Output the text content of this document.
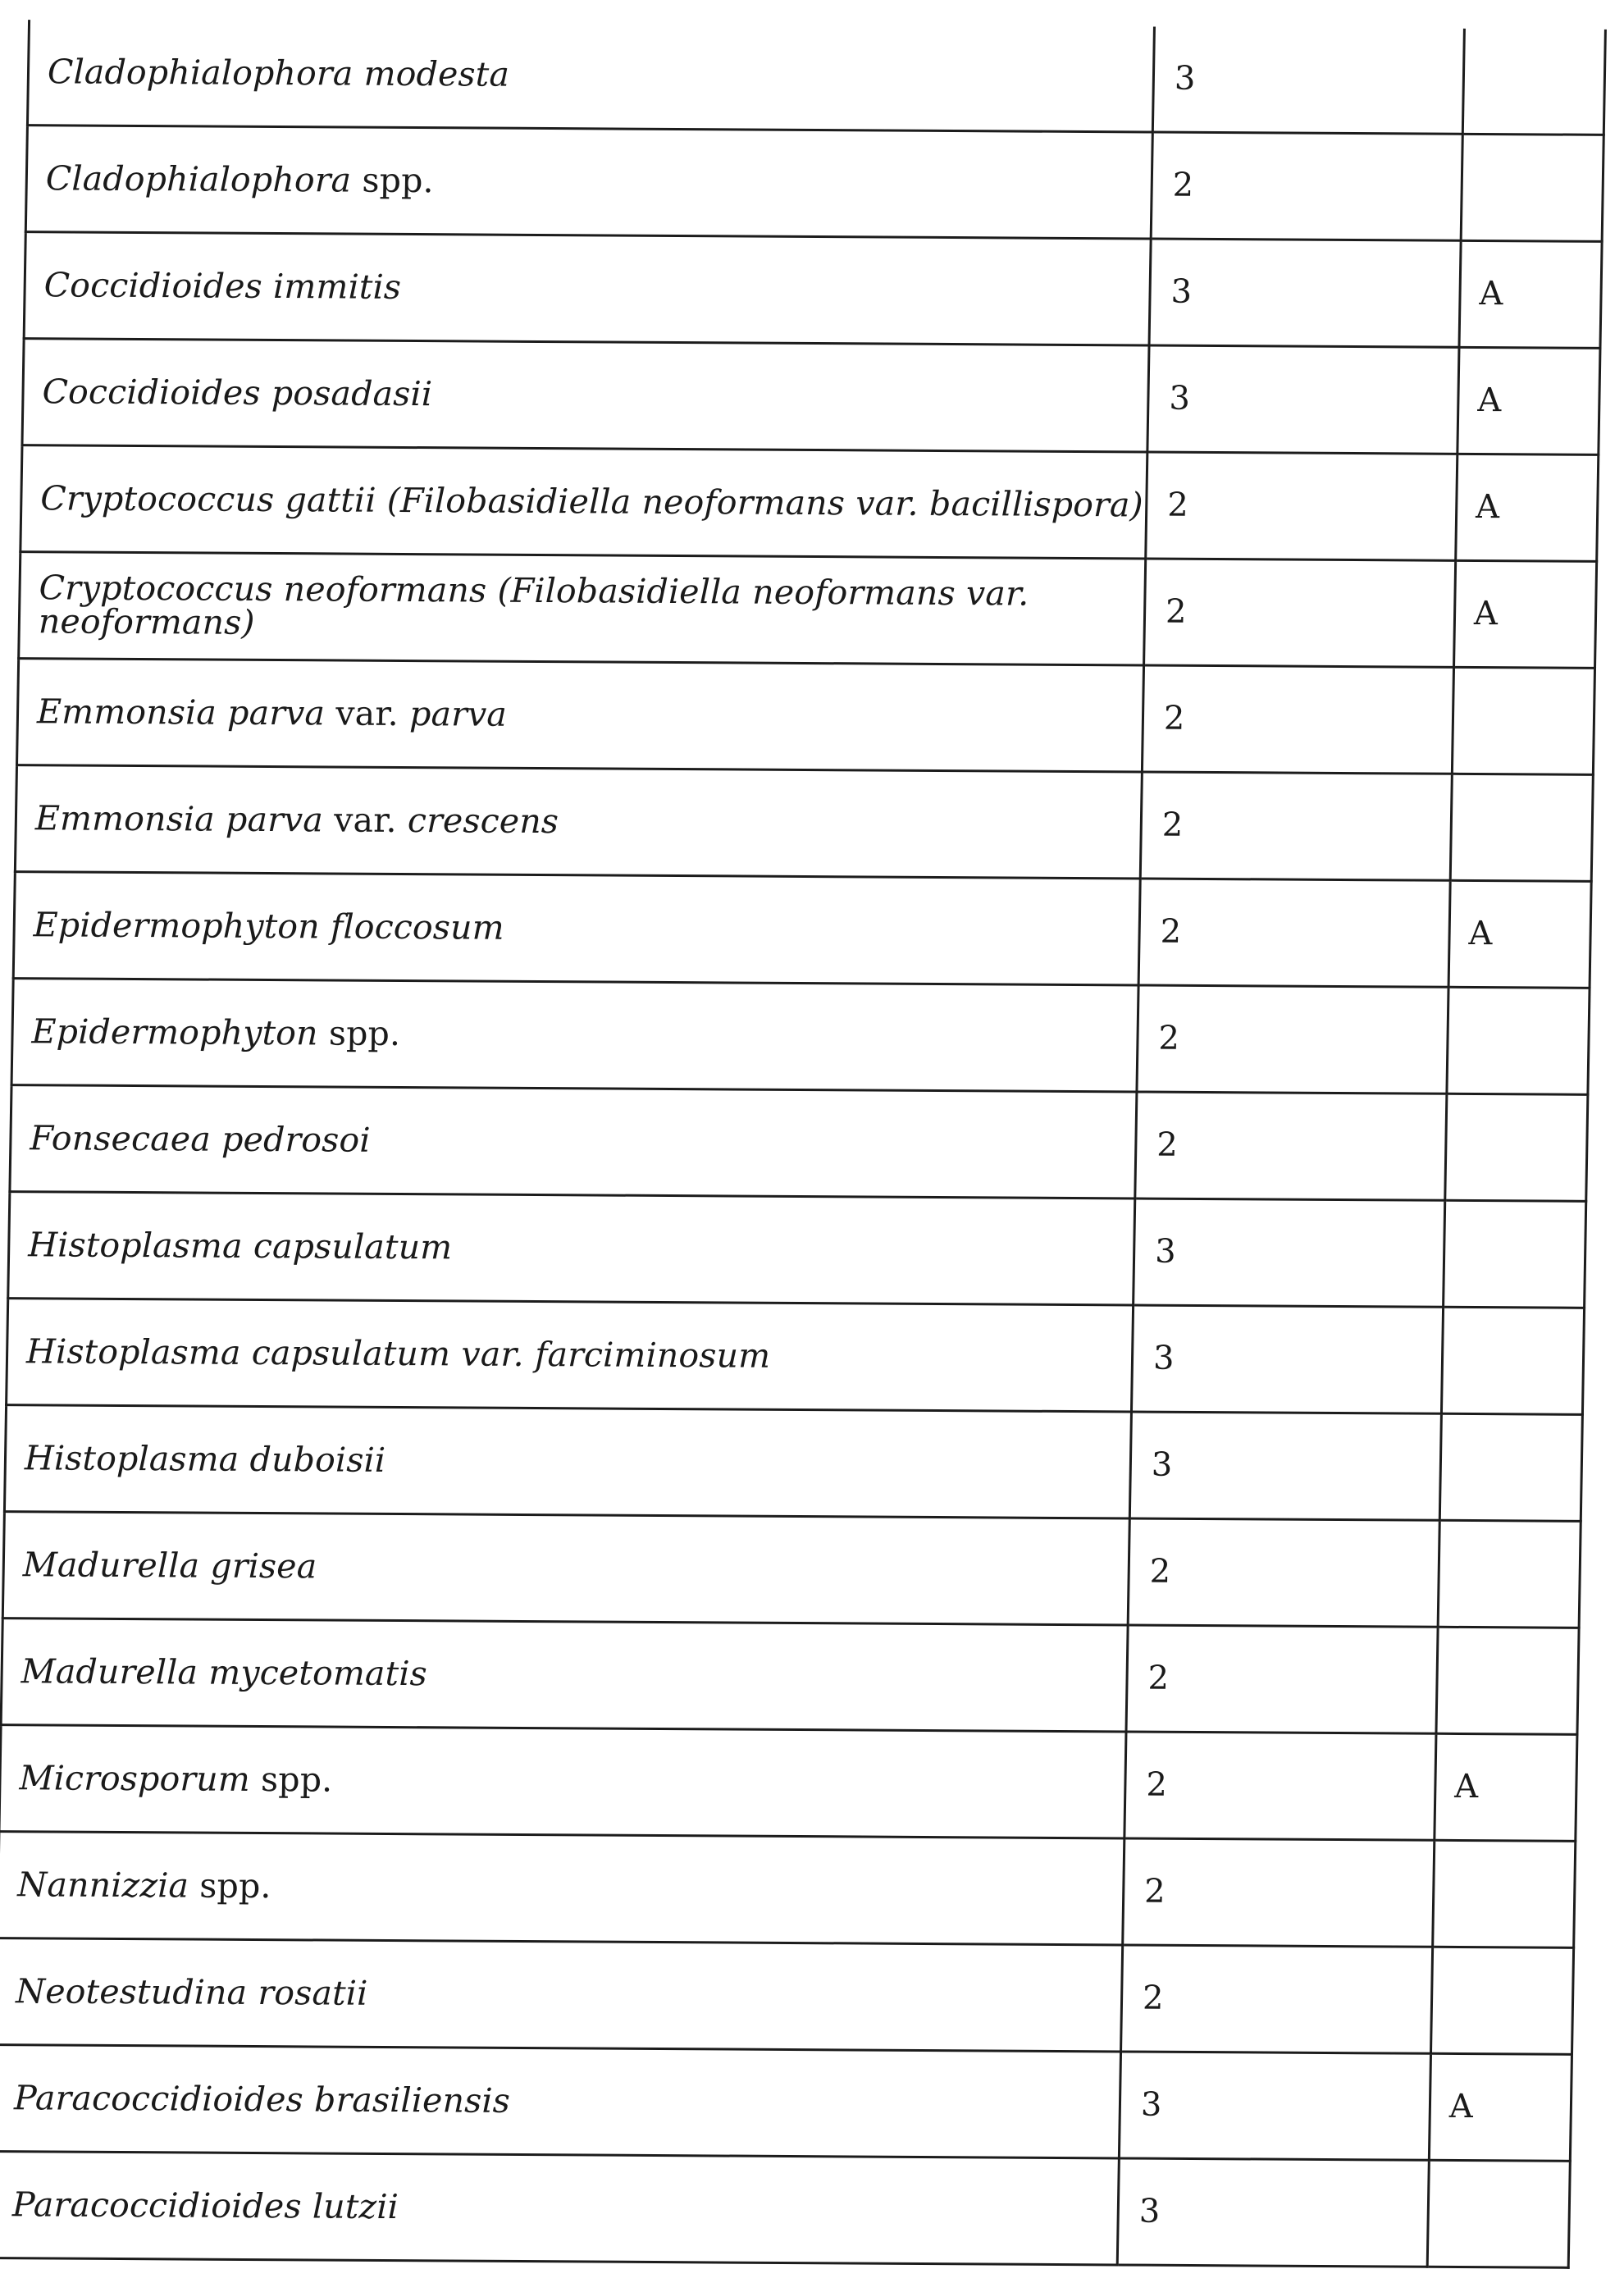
Cladophialophora modesta	3	
Cladophialophora spp.	2	
Coccidioides immitis	3	A
Coccidioides posadasii	3	A
Cryptococcus gattii (Filobasidiella neoformans var. bacillispora)	2	A
Cryptococcus neoformans (Filobasidiella neoformans var. neoformans)	2	A
Emmonsia parva var. parva	2	
Emmonsia parva var. crescens	2	
Epidermophyton floccosum	2	A
Epidermophyton spp.	2	
Fonsecaea pedrosoi	2	
Histoplasma capsulatum	3	
Histoplasma capsulatum var. farciminosum	3	
Histoplasma duboisii	3	
Madurella grisea	2	
Madurella mycetomatis	2	
Microsporum spp.	2	A
Nannizzia spp.	2	
Neotestudina rosatii	2	
Paracoccidioides brasiliensis	3	A
Paracoccidioides lutzii	3	
